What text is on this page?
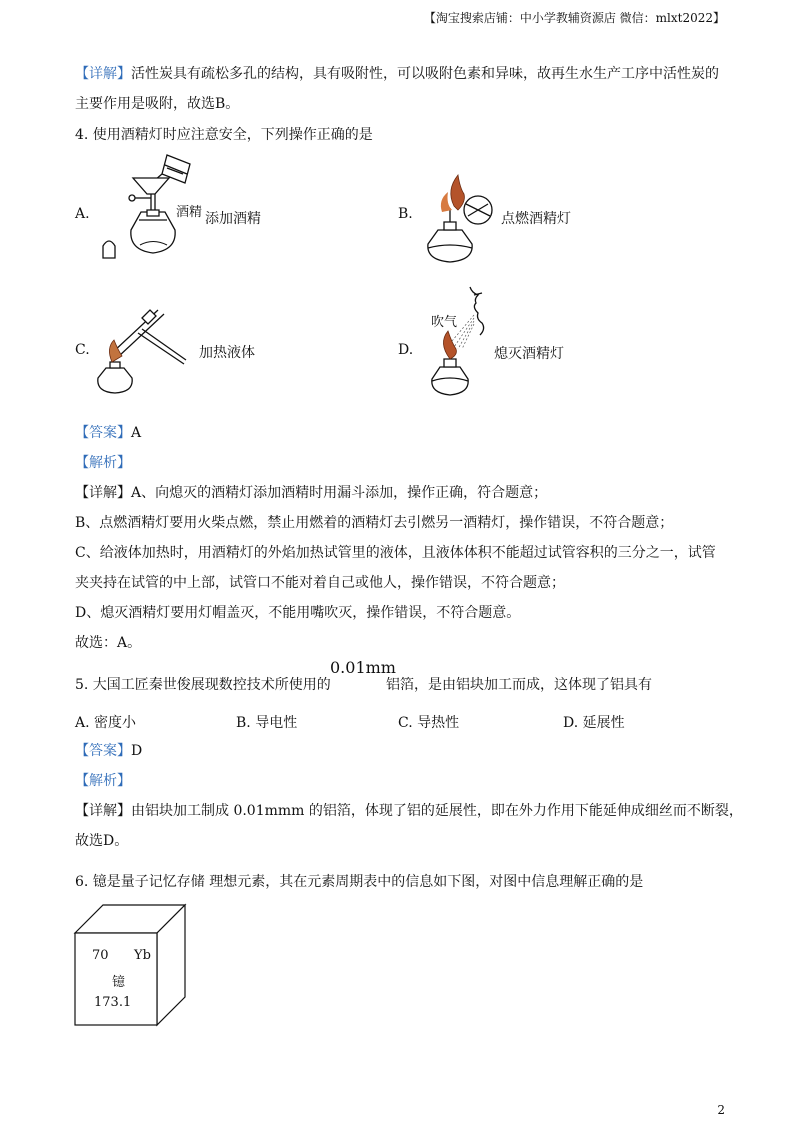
【淘宝搜索店铺：中小学教辅资源店 微信：mlxt2022】
【详解】活性炭具有疏松多孔的结构，具有吸附性，可以吸附色素和异味，故再生水生产工序中活性炭的
主要作用是吸附，故选B。
4. 使用酒精灯时应注意安全，下列操作正确的是
A.	酒精 添加酒精	B.	点燃酒精灯
C.	加热液体	D.
吹气
熄灭酒精灯
【答案】A
【解析】
【详解】A、向熄灭的酒精灯添加酒精时用漏斗添加，操作正确，符合题意；
B、点燃酒精灯要用火柴点燃，禁止用燃着的酒精灯去引燃另一酒精灯，操作错误，不符合题意；
C、给液体加热时，用酒精灯的外焰加热试管里的液体，且液体体积不能超过试管容积的三分之一，试管
夹夹持在试管的中上部，试管口不能对着自己或他人，操作错误，不符合题意；
D、熄灭酒精灯要用灯帽盖灭，不能用嘴吹灭，操作错误，不符合题意。
故选：A。
5. 大国工匠秦世俊展现数控技术所使用的
0.01mm
铝箔，是由铝块加工而成，这体现了铝具有
A. 密度小	B. 导电性	C. 导热性	D. 延展性
【答案】D
【解析】
【详解】由铝块加工制成 0.01mmm 的铝箔，体现了铝的延展性，即在外力作用下能延伸成细丝而不断裂，
故选D。
6. 镱是量子记忆存储 理想元素，其在元素周期表中的信息如下图，对图中信息理解正确的是
70 Yb
镱
173.1
2
